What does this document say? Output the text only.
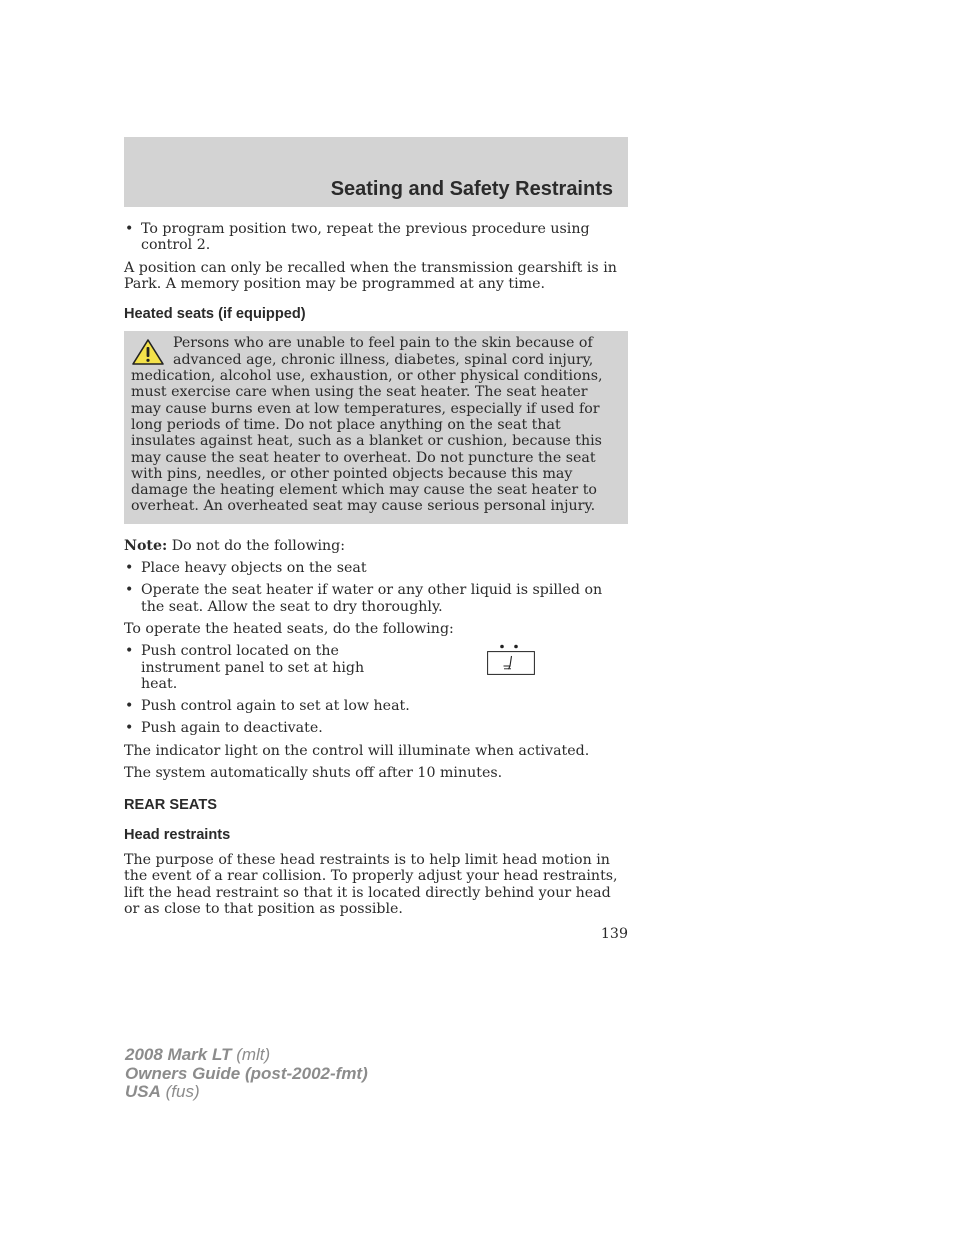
Seating and Safety Restraints
• To program position two, repeat the previous procedure using control 2.

A position can only be recalled when the transmission gearshift is in Park. A memory position may be programmed at any time.

Heated seats (if equipped)
Persons who are unable to feel pain to the skin because of advanced age, chronic illness, diabetes, spinal cord injury, medication, alcohol use, exhaustion, or other physical conditions, must exercise care when using the seat heater. The seat heater may cause burns even at low temperatures, especially if used for long periods of time. Do not place anything on the seat that insulates against heat, such as a blanket or cushion, because this may cause the seat heater to overheat. Do not puncture the seat with pins, needles, or other pointed objects because this may damage the heating element which may cause the seat heater to overheat. An overheated seat may cause serious personal injury.

Note: Do not do the following:

• Place heavy objects on the seat
• Operate the seat heater if water or any other liquid is spilled on the seat. Allow the seat to dry thoroughly.

To operate the heated seats, do the following:

• Push control located on the instrument panel to set at high heat.
• Push control again to set at low heat.
• Push again to deactivate.

The indicator light on the control will illuminate when activated.

The system automatically shuts off after 10 minutes.

REAR SEATS
Head restraints

The purpose of these head restraints is to help limit head motion in the event of a rear collision. To properly adjust your head restraints, lift the head restraint so that it is located directly behind your head or as close to that position as possible.

139
2008 Mark LT (mlt)
Owners Guide (post-2002-fmt)
USA (fus)
